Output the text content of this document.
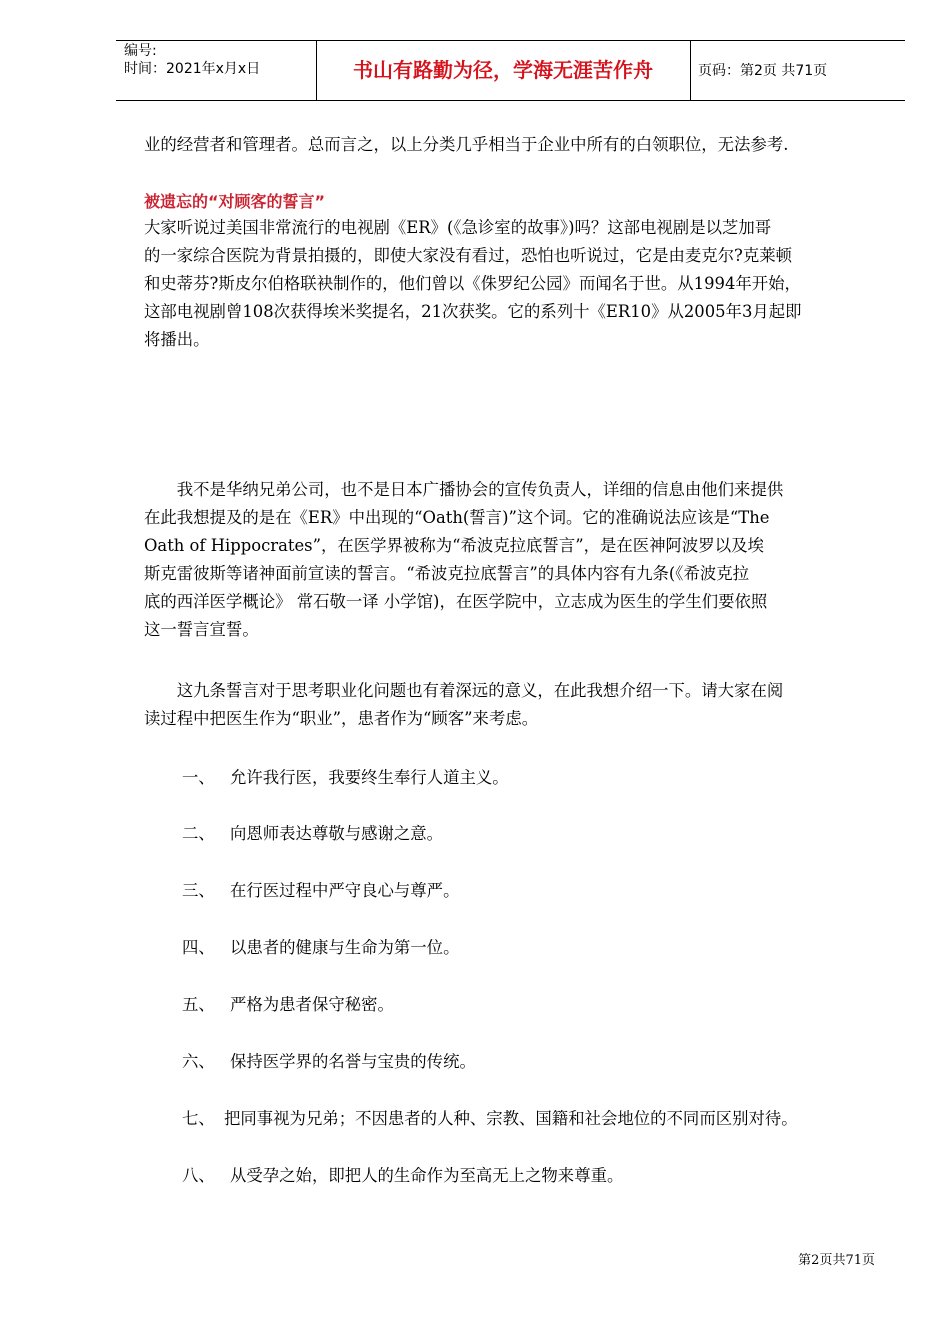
编号:
时间：2021年x月x日	书山有路勤为径，学海无涯苦作舟	页码：第2页 共71页
业的经营者和管理者。总而言之，以上分类几乎相当于企业中所有的白领职位，无法参考.
被遗忘的“对顾客的誓言”
大家听说过美国非常流行的电视剧《ER》(《急诊室的故事》)吗？这部电视剧是以芝加哥
的一家综合医院为背景拍摄的，即使大家没有看过，恐怕也听说过，它是由麦克尔?克莱顿
和史蒂芬?斯皮尔伯格联袂制作的，他们曾以《侏罗纪公园》而闻名于世。从1994年开始，
这部电视剧曾108次获得埃米奖提名，21次获奖。它的系列十《ER10》从2005年3月起即
将播出。
　　我不是华纳兄弟公司，也不是日本广播协会的宣传负责人，详细的信息由他们来提供
在此我想提及的是在《ER》中出现的“Oath(誓言)”这个词。它的准确说法应该是“The
Oath of Hippocrates”，在医学界被称为“希波克拉底誓言”，是在医神阿波罗以及埃
斯克雷彼斯等诸神面前宣读的誓言。“希波克拉底誓言”的具体内容有九条(《希波克拉
底的西洋医学概论》 常石敬一译 小学馆)，在医学院中，立志成为医生的学生们要依照
这一誓言宣誓。
　　这九条誓言对于思考职业化问题也有着深远的意义，在此我想介绍一下。请大家在阅
读过程中把医生作为“职业”，患者作为“顾客”来考虑。
一、 允许我行医，我要终生奉行人道主义。
二、 向恩师表达尊敬与感谢之意。
三、 在行医过程中严守良心与尊严。
四、 以患者的健康与生命为第一位。
五、 严格为患者保守秘密。
六、 保持医学界的名誉与宝贵的传统。
七、 把同事视为兄弟；不因患者的人种、宗教、国籍和社会地位的不同而区别对待。
八、 从受孕之始，即把人的生命作为至高无上之物来尊重。
第2页共71页
